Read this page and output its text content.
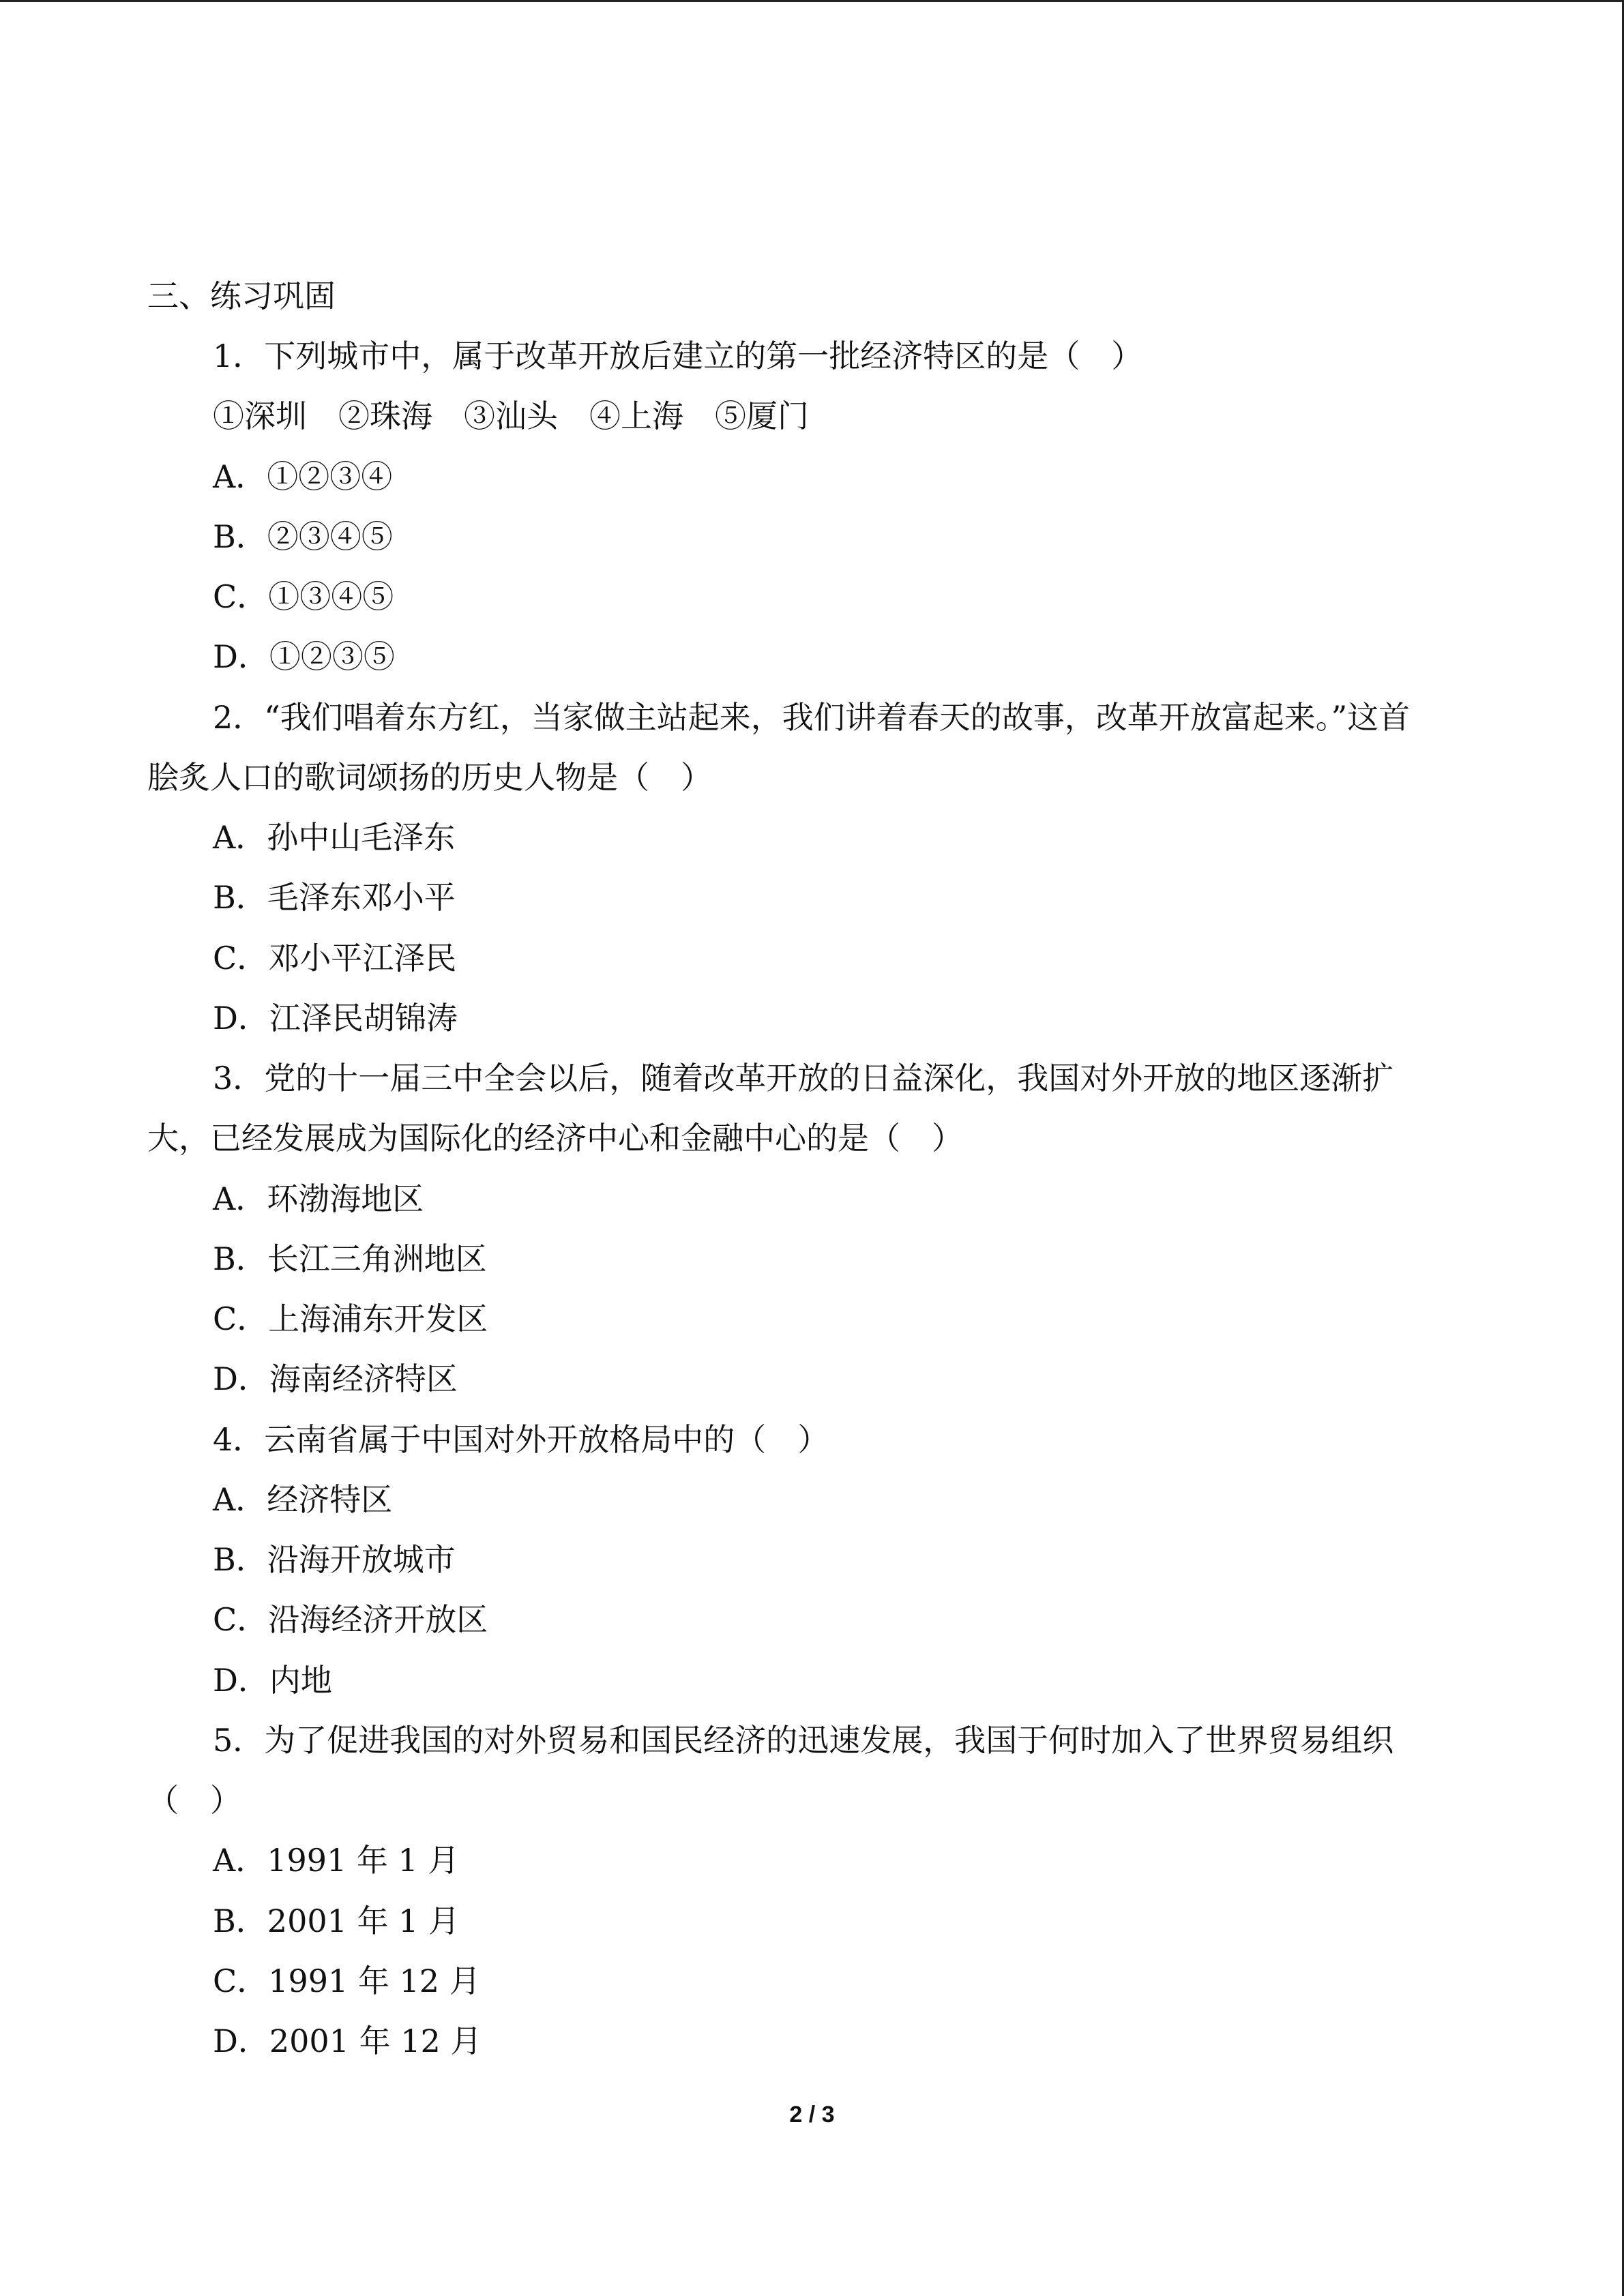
三、练习巩固
1．下列城市中，属于改革开放后建立的第一批经济特区的是（　）
①深圳　②珠海　③汕头　④上海　⑤厦门
A．①②③④
B．②③④⑤
C．①③④⑤
D．①②③⑤
2．“我们唱着东方红，当家做主站起来，我们讲着春天的故事，改革开放富起来。”这首
脍炙人口的歌词颂扬的历史人物是（　）
A．孙中山毛泽东
B．毛泽东邓小平
C．邓小平江泽民
D．江泽民胡锦涛
3．党的十一届三中全会以后，随着改革开放的日益深化，我国对外开放的地区逐渐扩
大，已经发展成为国际化的经济中心和金融中心的是（　）
A．环渤海地区
B．长江三角洲地区
C．上海浦东开发区
D．海南经济特区
4．云南省属于中国对外开放格局中的（　）
A．经济特区
B．沿海开放城市
C．沿海经济开放区
D．内地
5．为了促进我国的对外贸易和国民经济的迅速发展，我国于何时加入了世界贸易组织
（　）
A．1991 年 1 月
B．2001 年 1 月
C．1991 年 12 月
D．2001 年 12 月
2 / 3
